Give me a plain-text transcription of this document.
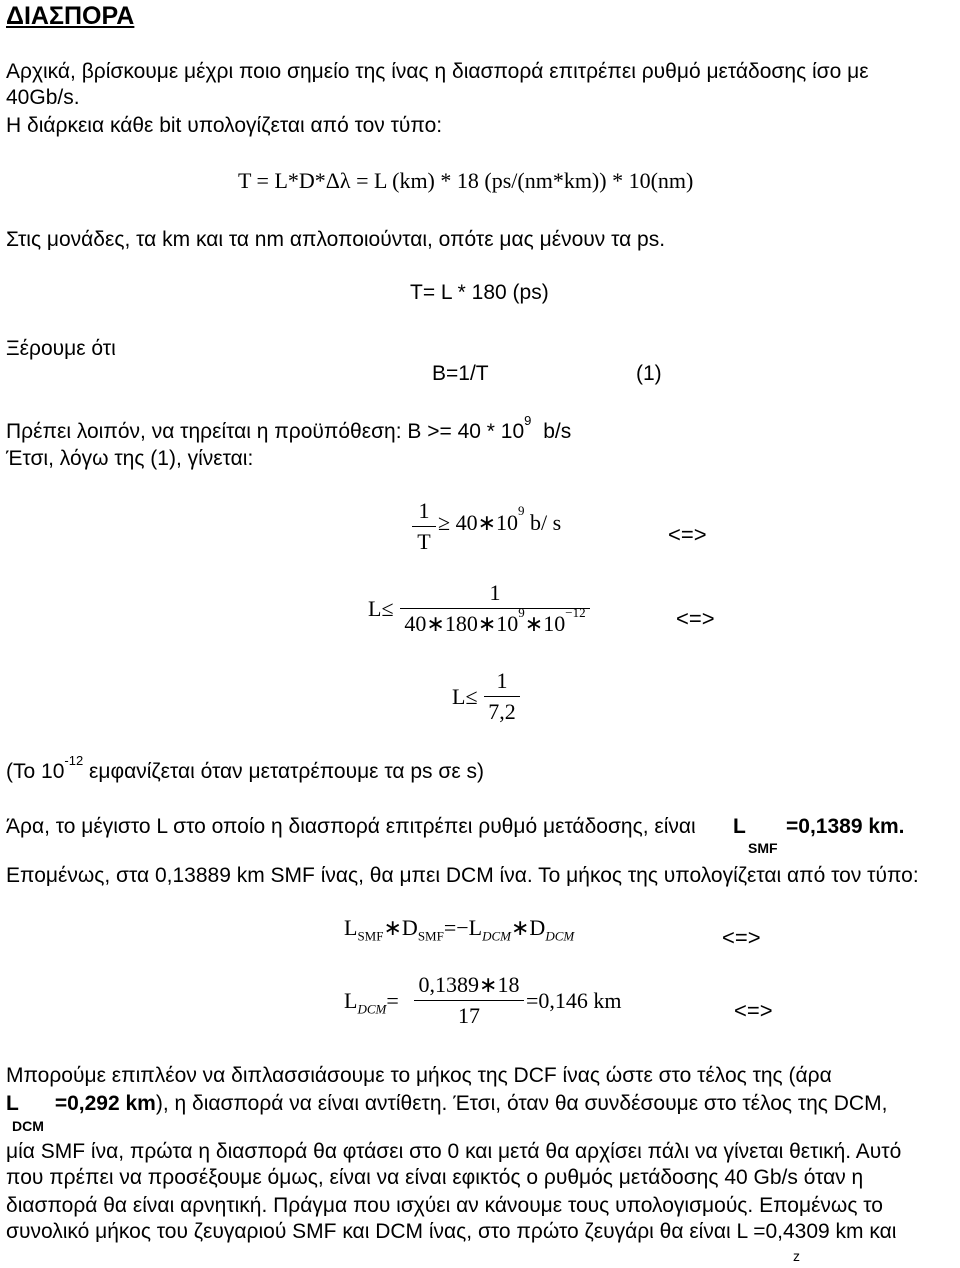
ΔΙΑΣΠΟΡΑ
Αρχικά, βρίσκουμε μέχρι ποιο σημείο της ίνας η διασπορά επιτρέπει ρυθμό μετάδοσης ίσο με
40Gb/s.
Η διάρκεια κάθε bit υπολογίζεται από τον τύπο:
T = L*D*Δλ = L (km) * 18 (ps/(nm*km)) * 10(nm)
Στις μονάδες, τα km και τα nm απλοποιούνται, οπότε μας μένουν τα ps.
T= L * 180 (ps)
Ξέρουμε ότι
B=1/T	(1)
Πρέπει λοιπόν, να τηρείται η προϋπόθεση: $B >= 40 * 10^9$ b/s
Έτσι, λόγω της (1), γίνεται:
1
T
≥ $40∗10^9$ b/ s	<=>
L≤
1
$40∗180∗10^9∗10^{-12}$	<=>
L≤
1
7,2
(Το $10^{-12}$ εμφανίζεται όταν μετατρέπουμε τα ps σε s)
Άρα, το μέγιστο L στο οποίο η διασπορά επιτρέπει ρυθμό μετάδοσης, είναι L =0,1389 km.
SMF
Επομένως, στα 0,13889 km SMF ίνας, θα μπει DCM ίνα. Το μήκος της υπολογίζεται από τον τύπο:
$L_{SMF}∗D_{SMF}=-L_{DCM}∗D_{DCM}$	<=>
$L_{DCM}=$
0,1389∗18
17
=0,146 km	<=>
Μπορούμε επιπλέον να διπλασσιάσουμε το μήκος της DCF ίνας ώστε στο τέλος της (άρα
L =0,292 km), η διασπορά να είναι αντίθετη. Έτσι, όταν θα συνδέσουμε στο τέλος της DCM,
DCM
μία SMF ίνα, πρώτα η διασπορά θα φτάσει στο 0 και μετά θα αρχίσει πάλι να γίνεται θετική. Αυτό
που πρέπει να προσέξουμε όμως, είναι να είναι εφικτός ο ρυθμός μετάδοσης 40 Gb/s όταν η
διασπορά θα είναι αρνητική. Πράγμα που ισχύει αν κάνουμε τους υπολογισμούς. Επομένως το
συνολικό μήκος του ζευγαριού SMF και DCM ίνας, στο πρώτο ζευγάρι θα είναι L =0,4309 km και
z
